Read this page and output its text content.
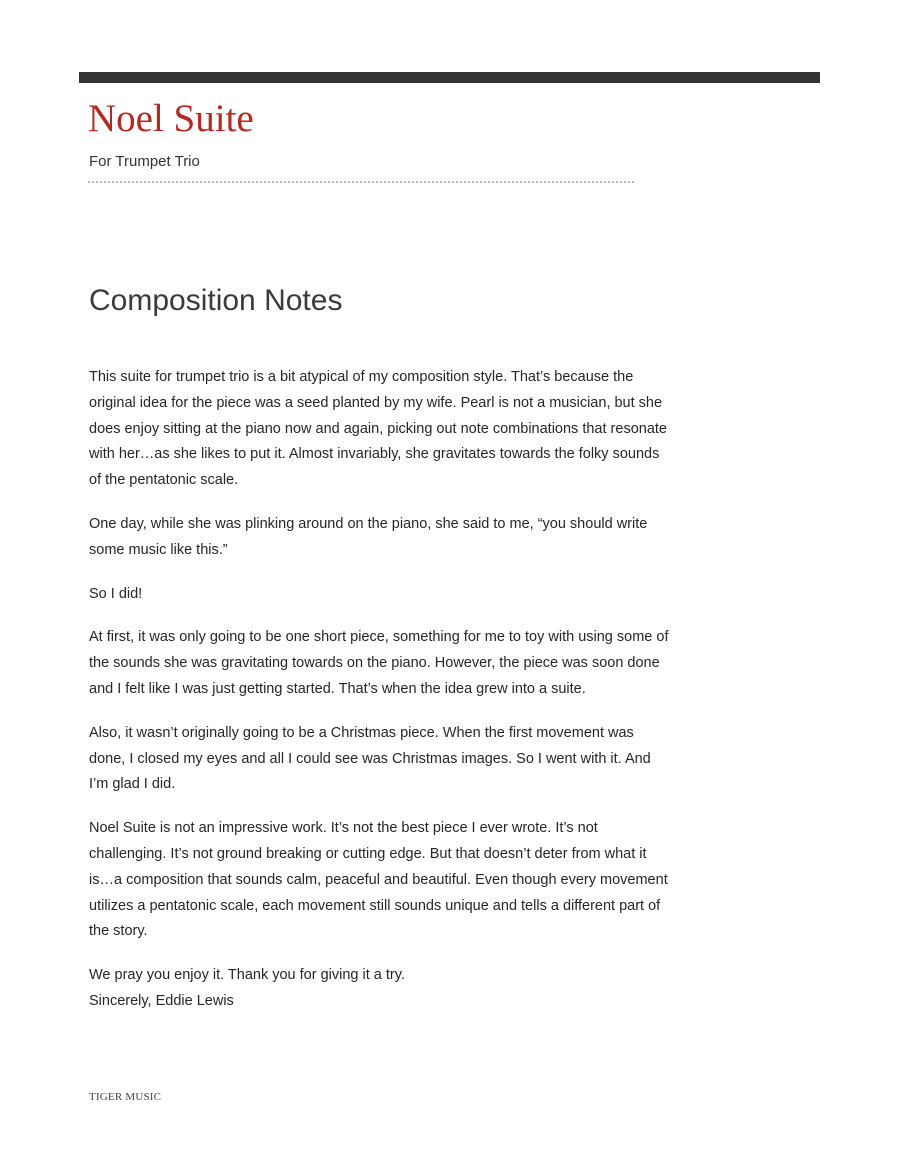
Noel Suite
For Trumpet Trio
Composition Notes

This suite for trumpet trio is a bit atypical of my composition style. That’s because the original idea for the piece was a seed planted by my wife. Pearl is not a musician, but she does enjoy sitting at the piano now and again, picking out note combinations that resonate with her…as she likes to put it. Almost invariably, she gravitates towards the folky sounds of the pentatonic scale.

One day, while she was plinking around on the piano, she said to me, “you should write some music like this.”

So I did!

At first, it was only going to be one short piece, something for me to toy with using some of the sounds she was gravitating towards on the piano. However, the piece was soon done and I felt like I was just getting started. That’s when the idea grew into a suite.

Also, it wasn’t originally going to be a Christmas piece. When the first movement was done, I closed my eyes and all I could see was Christmas images. So I went with it. And I’m glad I did.

Noel Suite is not an impressive work. It’s not the best piece I ever wrote. It’s not challenging. It’s not ground breaking or cutting edge. But that doesn’t deter from what it is…a composition that sounds calm, peaceful and beautiful. Even though every movement utilizes a pentatonic scale, each movement still sounds unique and tells a different part of the story.

We pray you enjoy it. Thank you for giving it a try.
Sincerely, Eddie Lewis

TIGER MUSIC
